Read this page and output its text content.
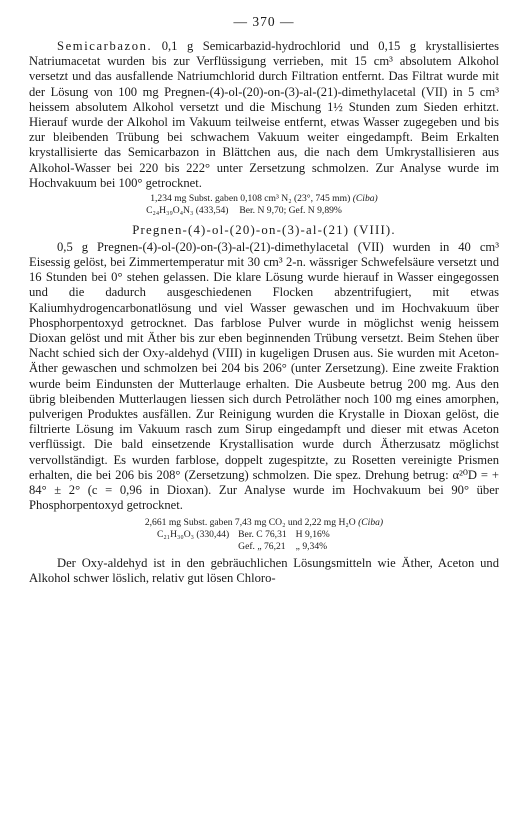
— 370 —

Semicarbazon. 0,1 g Semicarbazid-hydrochlorid und 0,15 g krystallisiertes Natriumacetat wurden bis zur Verflüssigung verrieben, mit 15 cm³ absolutem Alkohol versetzt und das ausfallende Natriumchlorid durch Filtration entfernt. Das Filtrat wurde mit der Lösung von 100 mg Pregnen-(4)-ol-(20)-on-(3)-al-(21)-dimethylacetal (VII) in 5 cm³ heissem absolutem Alkohol versetzt und die Mischung 1½ Stunden zum Sieden erhitzt. Hierauf wurde der Alkohol im Vakuum teilweise entfernt, etwas Wasser zugegeben und bis zur bleibenden Trübung bei schwachem Vakuum weiter eingedampft. Beim Erkalten krystallisierte das Semicarbazon in Blättchen aus, die nach dem Umkrystallisieren aus Alkohol-Wasser bei 220 bis 222° unter Zersetzung schmolzen. Zur Analyse wurde im Hochvakuum bei 100° getrocknet.

1,234 mg Subst. gaben 0,108 cm³ N₂ (23°, 745 mm) (Ciba)
C₂₄H₃₉O₄N₃ (433,54) Ber. N 9,70; Gef. N 9,89%
Pregnen-(4)-ol-(20)-on-(3)-al-(21) (VIII).

0,5 g Pregnen-(4)-ol-(20)-on-(3)-al-(21)-dimethylacetal (VII) wurden in 40 cm³ Eisessig gelöst, bei Zimmertemperatur mit 30 cm³ 2-n. wässriger Schwefelsäure versetzt und 16 Stunden bei 0° stehen gelassen. Die klare Lösung wurde hierauf in Wasser eingegossen und die dadurch ausgeschiedenen Flocken abzentrifugiert, mit etwas Kaliumhydrogencarbonatlösung und viel Wasser gewaschen und im Hochvakuum über Phosphorpentoxyd getrocknet. Das farblose Pulver wurde in möglichst wenig heissem Dioxan gelöst und mit Äther bis zur eben beginnenden Trübung versetzt. Beim Stehen über Nacht schied sich der Oxy-aldehyd (VIII) in kugeligen Drusen aus. Sie wurden mit Aceton-Äther gewaschen und schmolzen bei 204 bis 206° (unter Zersetzung). Eine zweite Fraktion wurde beim Eindunsten der Mutterlauge erhalten. Die Ausbeute betrug 200 mg. Aus den übrig bleibenden Mutterlaugen liessen sich durch Petroläther noch 100 mg eines amorphen, pulverigen Produktes ausfällen. Zur Reinigung wurden die Krystalle in Dioxan gelöst, die filtrierte Lösung im Vakuum rasch zum Sirup eingedampft und dieser mit etwas Aceton verflüssigt. Die bald einsetzende Krystallisation wurde durch Ätherzusatz möglichst vervollständigt. Es wurden farblose, doppelt zugespitzte, zu Rosetten vereinigte Prismen erhalten, die bei 206 bis 208° (Zersetzung) schmolzen. Die spez. Drehung betrug: α²⁰D = + 84° ± 2° (c = 0,96 in Dioxan). Zur Analyse wurde im Hochvakuum bei 90° über Phosphorpentoxyd getrocknet.

2,661 mg Subst. gaben 7,43 mg CO₂ und 2,22 mg H₂O (Ciba)
C₂₁H₃₀O₃ (330,44) Ber. C 76,31 H 9,16%
Gef. „ 76,21 „ 9,34%

Der Oxy-aldehyd ist in den gebräuchlichen Lösungsmitteln wie Äther, Aceton und Alkohol schwer löslich, relativ gut lösen Chloro-
